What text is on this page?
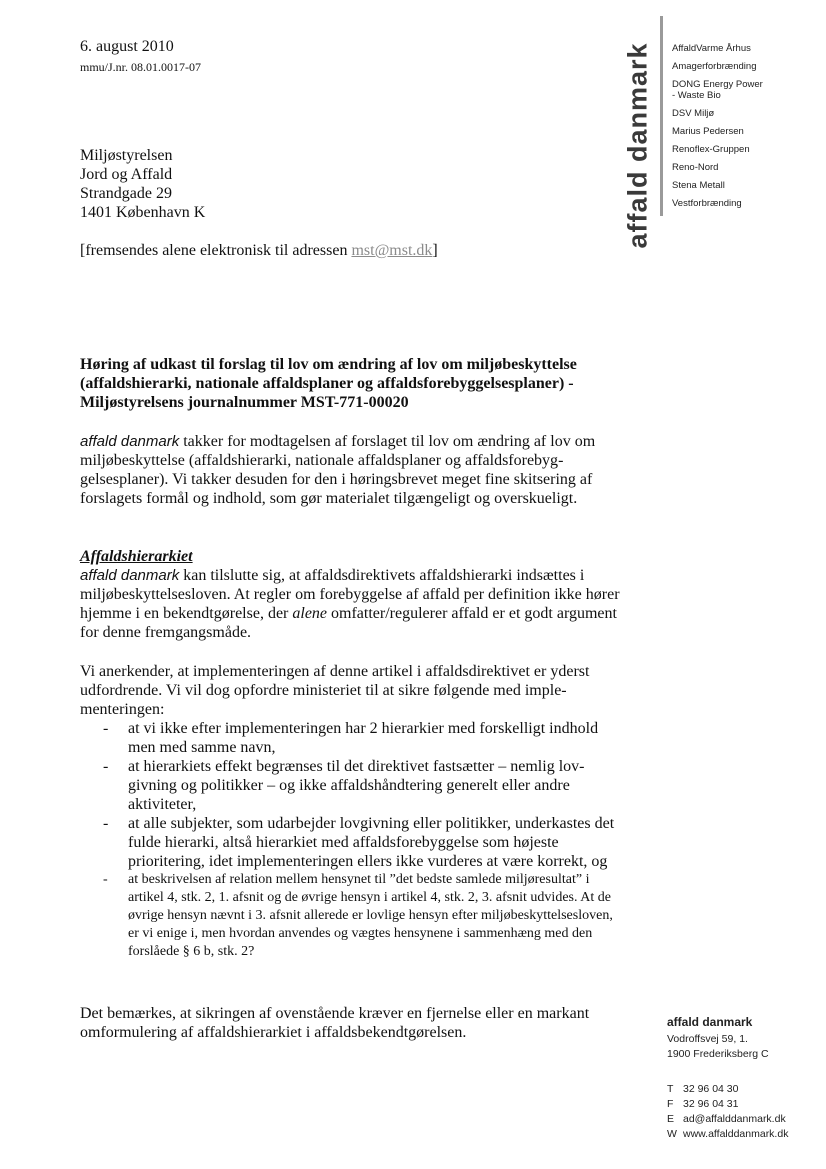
6. august 2010
mmu/J.nr. 08.01.0017-07
Miljøstyrelsen
Jord og Affald
Strandgade 29
1401 København K
[fremsendes alene elektronisk til adressen mst@mst.dk]
Høring af udkast til forslag til lov om ændring af lov om miljøbeskyttelse (affaldshierarki, nationale affaldsplaner og affaldsforebyggelsesplaner) - Miljøstyrelsens journalnummer MST-771-00020
affald danmark takker for modtagelsen af forslaget til lov om ændring af lov om miljøbeskyttelse (affaldshierarki, nationale affaldsplaner og affaldsforebyggelsesplaner). Vi takker desuden for den i høringsbrevet meget fine skitsering af forslagets formål og indhold, som gør materialet tilgængeligt og overskueligt.
Affaldshierarkiet
affald danmark kan tilslutte sig, at affaldsdirektivets affaldshierarki indsættes i miljøbeskyttelsesloven. At regler om forebyggelse af affald per definition ikke hører hjemme i en bekendtgørelse, der alene omfatter/regulerer affald er et godt argument for denne fremgangsmåde.
Vi anerkender, at implementeringen af denne artikel i affaldsdirektivet er yderst udfordrende. Vi vil dog opfordre ministeriet til at sikre følgende med implementeringen:
- at vi ikke efter implementeringen har 2 hierarkier med forskelligt indhold men med samme navn,
- at hierarkiets effekt begrænses til det direktivet fastsætter – nemlig lovgivning og politikker – og ikke affaldshåndtering generelt eller andre aktiviteter,
- at alle subjekter, som udarbejder lovgivning eller politikker, underkastes det fulde hierarki, altså hierarkiet med affaldsforebyggelse som højeste prioritering, idet implementeringen ellers ikke vurderes at være korrekt, og
- at beskrivelsen af relation mellem hensynet til ”det bedste samlede miljøresultat” i artikel 4, stk. 2, 1. afsnit og de øvrige hensyn i artikel 4, stk. 2, 3. afsnit udvides. At de øvrige hensyn nævnt i 3. afsnit allerede er lovlige hensyn efter miljøbeskyttelsesloven, er vi enige i, men hvordan anvendes og vægtes hensynene i sammenhæng med den forslåede § 6 b, stk. 2?
Det bemærkes, at sikringen af ovenstående kræver en fjernelse eller en markant omformulering af affaldshierarkiet i affaldsbekendtgørelsen.
affald danmark AffaldVarme Århus
Amagerforbrænding
DONG Energy Power
- Waste Bio
DSV Miljø
Marius Pedersen
Renoflex-Gruppen
Reno-Nord
Stena Metall
Vestforbrænding
affald danmark
Vodroffsvej 59, 1.
1900 Frederiksberg C
T 32 96 04 30
F 32 96 04 31
E ad@affalddanmark.dk
W www.affalddanmark.dk
